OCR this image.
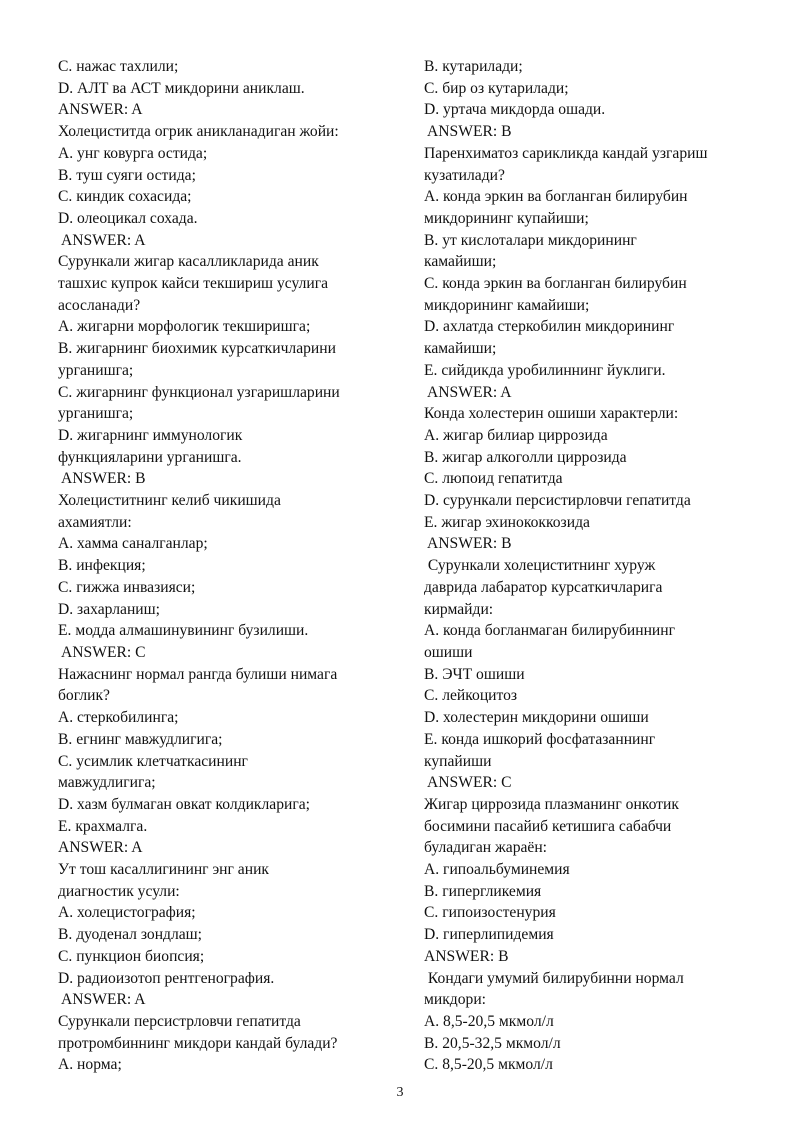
C. нажас тахлили;
D. АЛТ ва АСТ микдорини аниклаш.
ANSWER: A
Холециститда огрик аникланадиган жойи:
A. унг ковурга остида;
B. туш суяги остида;
C. киндик сохасида;
D. олеоцикал сохада.
ANSWER: A
Сурункали жигар касалликларида аник
ташхис купрок кайси текшириш усулига
асосланади?
A. жигарни морфологик текширишга;
B. жигарнинг биохимик курсаткичларини
урганишга;
C. жигарнинг функционал узгаришларини
урганишга;
D. жигарнинг иммунологик
функцияларини урганишга.
ANSWER: B
Холециститнинг келиб чикишида
ахамиятли:
A. хамма саналганлар;
B. инфекция;
C. гижжа инвазияси;
D. захарланиш;
E. модда алмашинувининг бузилиши.
ANSWER: C
Нажаснинг нормал рангда булиши нимага
боглик?
A. стеркобилинга;
B. егнинг мавжудлигига;
C. усимлик клетчаткасининг
мавжудлигига;
D. хазм булмаган овкат колдикларига;
E. крахмалга.
ANSWER: A
Ут тош касаллигининг энг аник
диагностик усули:
A. холецистография;
B. дуоденал зондлаш;
C. пункцион биопсия;
D. радиоизотоп рентгенография.
ANSWER: A
Сурункали персистрловчи гепатитда
протромбиннинг микдори кандай булади?
A. норма;
B. кутарилади;
C. бир оз кутарилади;
D. уртача микдорда ошади.
ANSWER: B
Паренхиматоз сарикликда кандай узгариш
кузатилади?
A. конда эркин ва богланган билирубин
микдорининг купайиши;
B. ут кислоталари микдорининг
камайиши;
C. конда эркин ва богланган билирубин
микдорининг камайиши;
D. ахлатда стеркобилин микдорининг
камайиши;
E. сийдикда уробилиннинг йуклиги.
ANSWER: A
Конда холестерин ошиши характерли:
A. жигар билиар циррозида
B. жигар алкоголли циррозида
C. люпоид гепатитда
D. сурункали персистирловчи гепатитда
E. жигар эхинококкозида
ANSWER: B
Сурункали холециститнинг хуруж
даврида лабаратор курсаткичларига
кирмайди:
A. конда богланмаган билирубиннинг
ошиши
B. ЭЧТ ошиши
C. лейкоцитоз
D. холестерин микдорини ошиши
E. конда ишкорий фосфатазаннинг
купайиши
ANSWER: C
Жигар циррозида плазманинг онкотик
босимини пасайиб кетишига сабабчи
буладиган жараён:
A. гипоальбуминемия
B. гипергликемия
C. гипоизостенурия
D. гиперлипидемия
ANSWER: B
Кондаги умумий билирубинни нормал
микдори:
A. 8,5-20,5 мкмол/л
B. 20,5-32,5 мкмол/л
C. 8,5-20,5 мкмол/л
3
